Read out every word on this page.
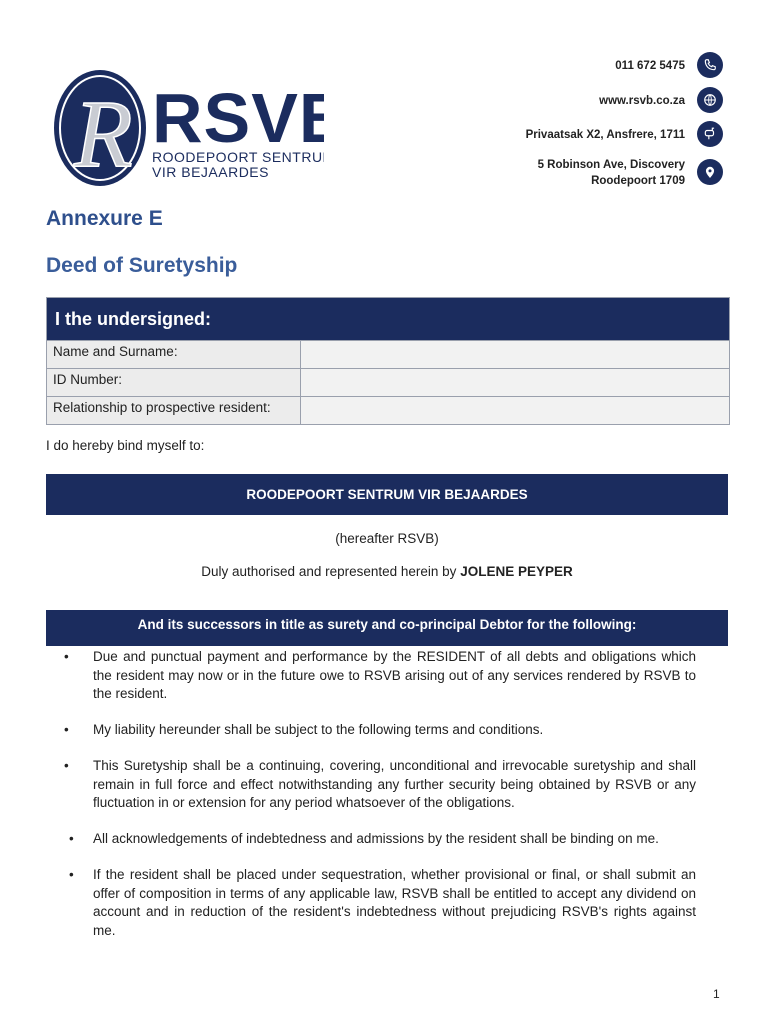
R RSV
ROODEPOORT SENTRUM
VIR BEJAARDES
011 672 5475
www.rsvb.co.za
Privaatsak X2, Ansfrere, 1711
5 Robinson Ave, Discovery
Roodepoort 1709
Annexure E
Deed of Suretyship
I the undersigned:
Name and Surname:
ID Number:
Relationship to prospective resident:
I do hereby bind myself to:
ROODEPOORT SENTRUM VIR BEJAARDES
(hereafter RSVB)
Duly authorised and represented herein by JOLENE PEYPER
And its successors in title as surety and co-principal Debtor for the following:
• Due and punctual payment and performance by the RESIDENT of all debts and obligations which the resident may now or in the future owe to RSVB arising out of any services rendered by RSVB to the resident.
• My liability hereunder shall be subject to the following terms and conditions.
• This Suretyship shall be a continuing, covering, unconditional and irrevocable suretyship and shall remain in full force and effect notwithstanding any further security being obtained by RSVB or any fluctuation in or extension for any period whatsoever of the obligations.
• All acknowledgements of indebtedness and admissions by the resident shall be binding on me.
• If the resident shall be placed under sequestration, whether provisional or final, or shall submit an offer of composition in terms of any applicable law, RSVB shall be entitled to accept any dividend on account and in reduction of the resident's indebtedness without prejudicing RSVB's rights against me.
1
